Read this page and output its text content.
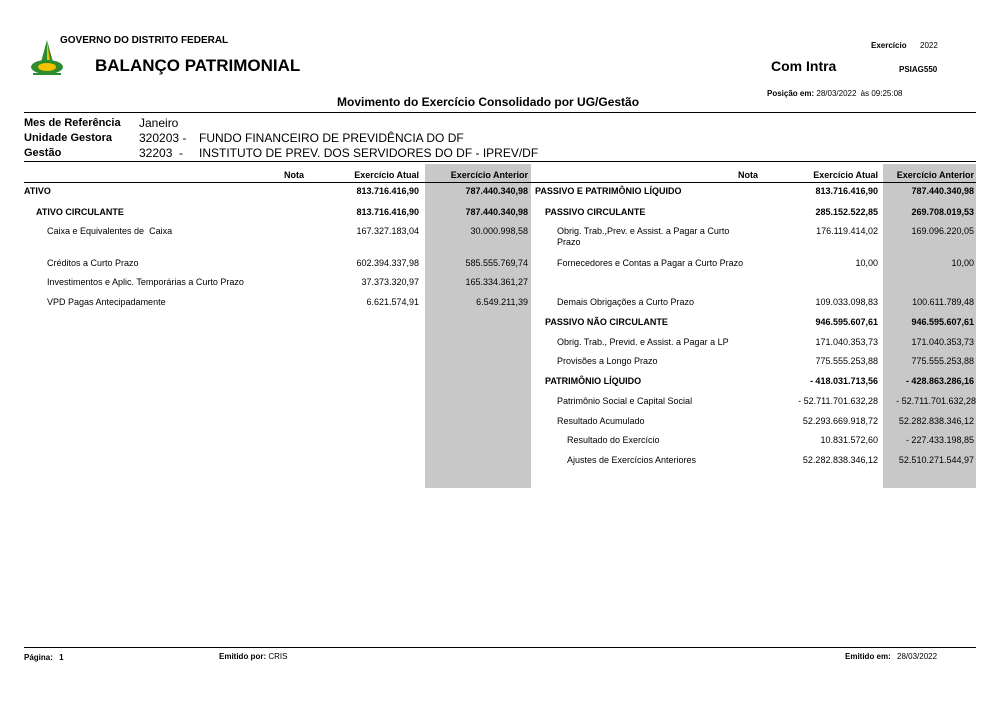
GOVERNO DO DISTRITO FEDERAL
BALANÇO PATRIMONIAL
Exercício 2022
Com Intra	PSIAG550
Movimento do Exercício Consolidado por UG/Gestão
Posição em: 28/03/2022 às 09:25:08
Mes de Referência Janeiro
Unidade Gestora 320203 - FUNDO FINANCEIRO DE PREVIDÊNCIA DO DF
Gestão	32203  - INSTITUTO DE PREV. DOS SERVIDORES DO DF - IPREV/DF
Nota	Exercício Atual	Exercício Anterior	Nota	Exercício Atual	Exercício Anterior
ATIVO	813.716.416,90	787.440.340,98
ATIVO CIRCULANTE	813.716.416,90	787.440.340,98
Caixa e Equivalentes de  Caixa	167.327.183,04	30.000.998,58
Créditos a Curto Prazo	602.394.337,98	585.555.769,74
Investimentos e Aplic. Temporárias a Curto Prazo	37.373.320,97	165.334.361,27
VPD Pagas Antecipadamente	6.621.574,91	6.549.211,39
PASSIVO E PATRIMÔNIO LÍQUIDO	813.716.416,90	787.440.340,98
PASSIVO CIRCULANTE	285.152.522,85	269.708.019,53
Obrig. Trab.,Prev. e Assist. a Pagar a Curto
Prazo
176.119.414,02	169.096.220,05
Fornecedores e Contas a Pagar a Curto Prazo	10,00	10,00
Demais Obrigações a Curto Prazo	109.033.098,83	100.611.789,48
PASSIVO NÃO CIRCULANTE	946.595.607,61	946.595.607,61
Obrig. Trab., Previd. e Assist. a Pagar a LP	171.040.353,73	171.040.353,73
Provisões a Longo Prazo	775.555.253,88	775.555.253,88
PATRIMÔNIO LÍQUIDO	- 418.031.713,56	- 428.863.286,16
Patrimônio Social e Capital Social	- 52.711.701.632,28	- 52.711.701.632,28
Resultado Acumulado	52.293.669.918,72	52.282.838.346,12
Resultado do Exercício	10.831.572,60	- 227.433.198,85
Ajustes de Exercícios Anteriores	52.282.838.346,12	52.510.271.544,97
Página: 1	Emitido por: CRIS	Emitido em: 28/03/2022
